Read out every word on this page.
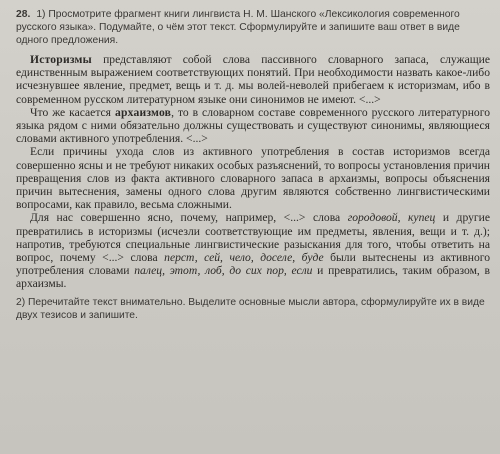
28. 1) Просмотрите фрагмент книги лингвиста Н. М. Шанского «Лексикология современного русского языка». Подумайте, о чём этот текст. Сформулируйте и запишите ваш ответ в виде одного предложения.

Историзмы представляют собой слова пассивного словарного запаса, служащие единственным выражением соответствующих понятий. При необходимости назвать какое-либо исчезнувшее явление, предмет, вещь и т. д. мы волей-неволей прибегаем к историзмам, ибо в современном русском литературном языке они синонимов не имеют. <...>

Что же касается архаизмов, то в словарном составе современного русского литературного языка рядом с ними обязательно должны существовать и существуют синонимы, являющиеся словами активного употребления. <...>

Если причины ухода слов из активного употребления в состав историзмов всегда совершенно ясны и не требуют никаких особых разъяснений, то вопросы установления причин превращения слов из факта активного словарного запаса в архаизмы, вопросы объяснения причин вытеснения, замены одного слова другим являются собственно лингвистическими вопросами, как правило, весьма сложными.

Для нас совершенно ясно, почему, например, <...> слова городовой, купец и другие превратились в историзмы (исчезли соответствующие им предметы, явления, вещи и т. д.); напротив, требуются специальные лингвистические разыскания для того, чтобы ответить на вопрос, почему <...> слова перст, сей, чело, доселе, буде были вытеснены из активного употребления словами палец, этот, лоб, до сих пор, если и превратились, таким образом, в архаизмы.

2) Перечитайте текст внимательно. Выделите основные мысли автора, сформулируйте их в виде двух тезисов и запишите.
